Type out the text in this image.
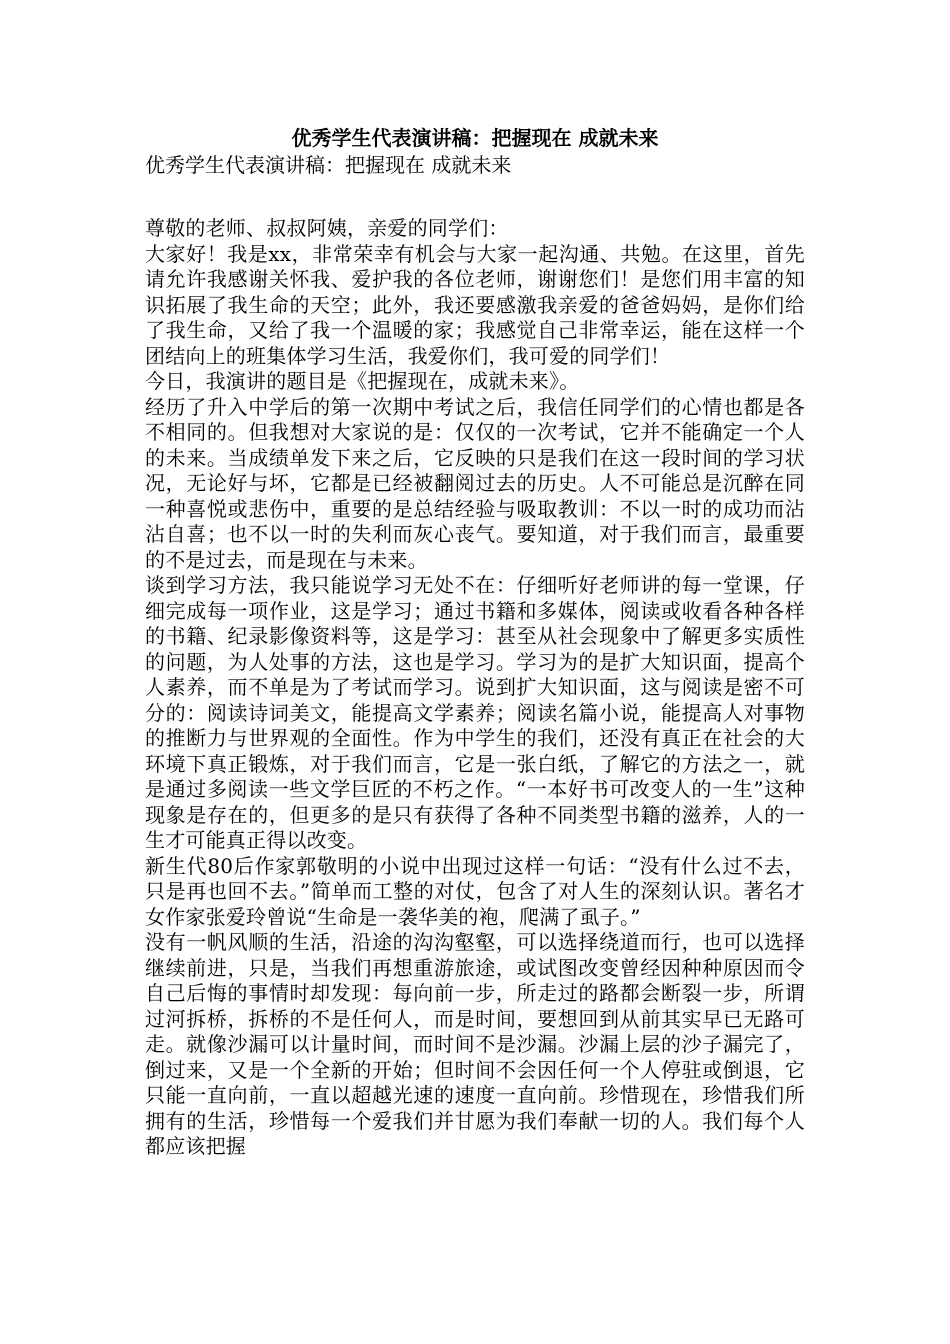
优秀学生代表演讲稿：把握现在 成就未来

优秀学生代表演讲稿：把握现在 成就未来

尊敬的老师、叔叔阿姨，亲爱的同学们：

大家好！我是xx，非常荣幸有机会与大家一起沟通、共勉。在这里，首先请允许我感谢关怀我、爱护我的各位老师，谢谢您们！是您们用丰富的知识拓展了我生命的天空；此外，我还要感激我亲爱的爸爸妈妈，是你们给了我生命，又给了我一个温暖的家；我感觉自己非常幸运，能在这样一个团结向上的班集体学习生活，我爱你们，我可爱的同学们！

今日，我演讲的题目是《把握现在，成就未来》。

经历了升入中学后的第一次期中考试之后，我信任同学们的心情也都是各不相同的。但我想对大家说的是：仅仅的一次考试，它并不能确定一个人的未来。当成绩单发下来之后，它反映的只是我们在这一段时间的学习状况，无论好与坏，它都是已经被翻阅过去的历史。人不可能总是沉醉在同一种喜悦或悲伤中，重要的是总结经验与吸取教训：不以一时的成功而沾沾自喜；也不以一时的失利而灰心丧气。要知道，对于我们而言，最重要的不是过去，而是现在与未来。

谈到学习方法，我只能说学习无处不在：仔细听好老师讲的每一堂课，仔细完成每一项作业，这是学习；通过书籍和多媒体，阅读或收看各种各样的书籍、纪录影像资料等，这是学习：甚至从社会现象中了解更多实质性的问题，为人处事的方法，这也是学习。学习为的是扩大知识面，提高个人素养，而不单是为了考试而学习。说到扩大知识面，这与阅读是密不可分的：阅读诗词美文，能提高文学素养；阅读名篇小说，能提高人对事物的推断力与世界观的全面性。作为中学生的我们，还没有真正在社会的大环境下真正锻炼，对于我们而言，它是一张白纸，了解它的方法之一，就是通过多阅读一些文学巨匠的不朽之作。“一本好书可改变人的一生”这种现象是存在的，但更多的是只有获得了各种不同类型书籍的滋养，人的一生才可能真正得以改变。

新生代80后作家郭敬明的小说中出现过这样一句话：“没有什么过不去，只是再也回不去。”简单而工整的对仗，包含了对人生的深刻认识。著名才女作家张爱玲曾说“生命是一袭华美的袍，爬满了虱子。”

没有一帆风顺的生活，沿途的沟沟壑壑，可以选择绕道而行，也可以选择继续前进，只是，当我们再想重游旅途，或试图改变曾经因种种原因而令自己后悔的事情时却发现：每向前一步，所走过的路都会断裂一步，所谓过河拆桥，拆桥的不是任何人，而是时间，要想回到从前其实早已无路可走。就像沙漏可以计量时间，而时间不是沙漏。沙漏上层的沙子漏完了，倒过来，又是一个全新的开始；但时间不会因任何一个人停驻或倒退，它只能一直向前，一直以超越光速的速度一直向前。珍惜现在，珍惜我们所拥有的生活，珍惜每一个爱我们并甘愿为我们奉献一切的人。我们每个人都应该把握
